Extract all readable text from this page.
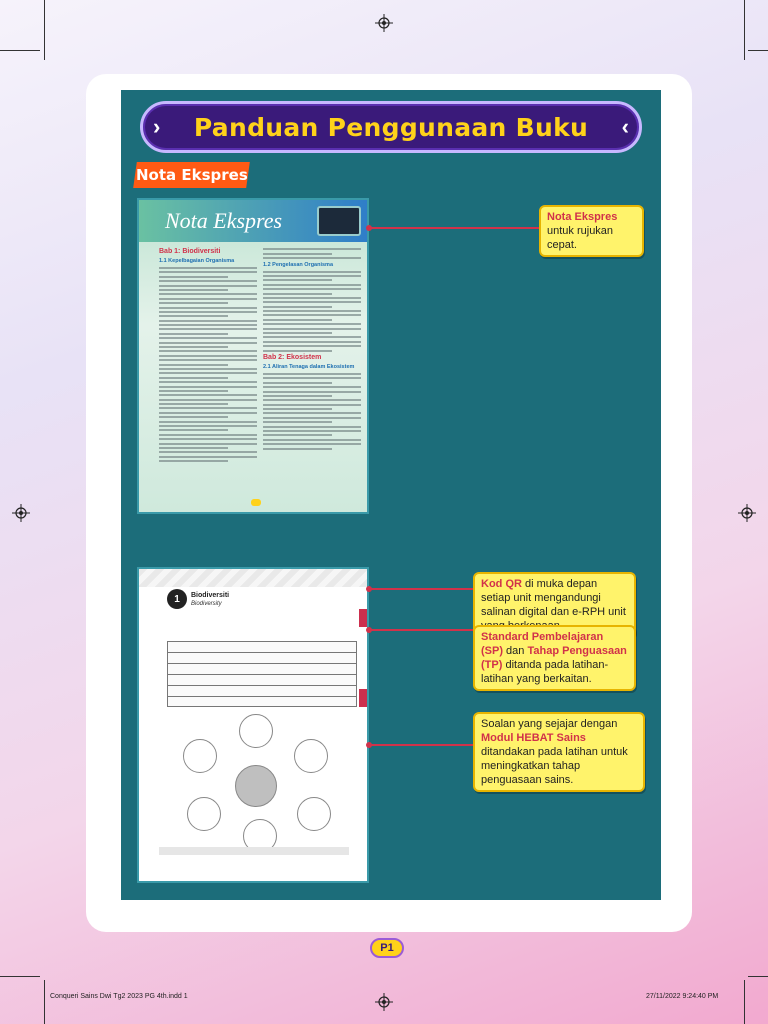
› Panduan Penggunaan Buku ‹
Nota Ekspres
Nota Ekspres
Bab 1: Biodiversiti
1.1 Kepelbagaian Organisma
1.2 Pengelasan Organisma
Bab 2: Ekosistem
2.1 Aliran Tenaga dalam Ekosistem
1	Biodiversiti
Biodiversity
Nota Ekspres untuk rujukan cepat.
Kod QR di muka depan setiap unit mengandungi salinan digital dan e-RPH unit
Standard Pembelajaran (SP) dan Tahap Penguasaan (TP) ditanda pada latihan-latihan yang berkaitan.
Soalan yang sejajar dengan Modul HEBAT Sains ditandakan pada latihan untuk meningkatkan tahap penguasaan sains.
P1
Conqueri Sains Dwi Tg2 2023 PG 4th.indd 1	27/11/2022 9:24:40 PM
